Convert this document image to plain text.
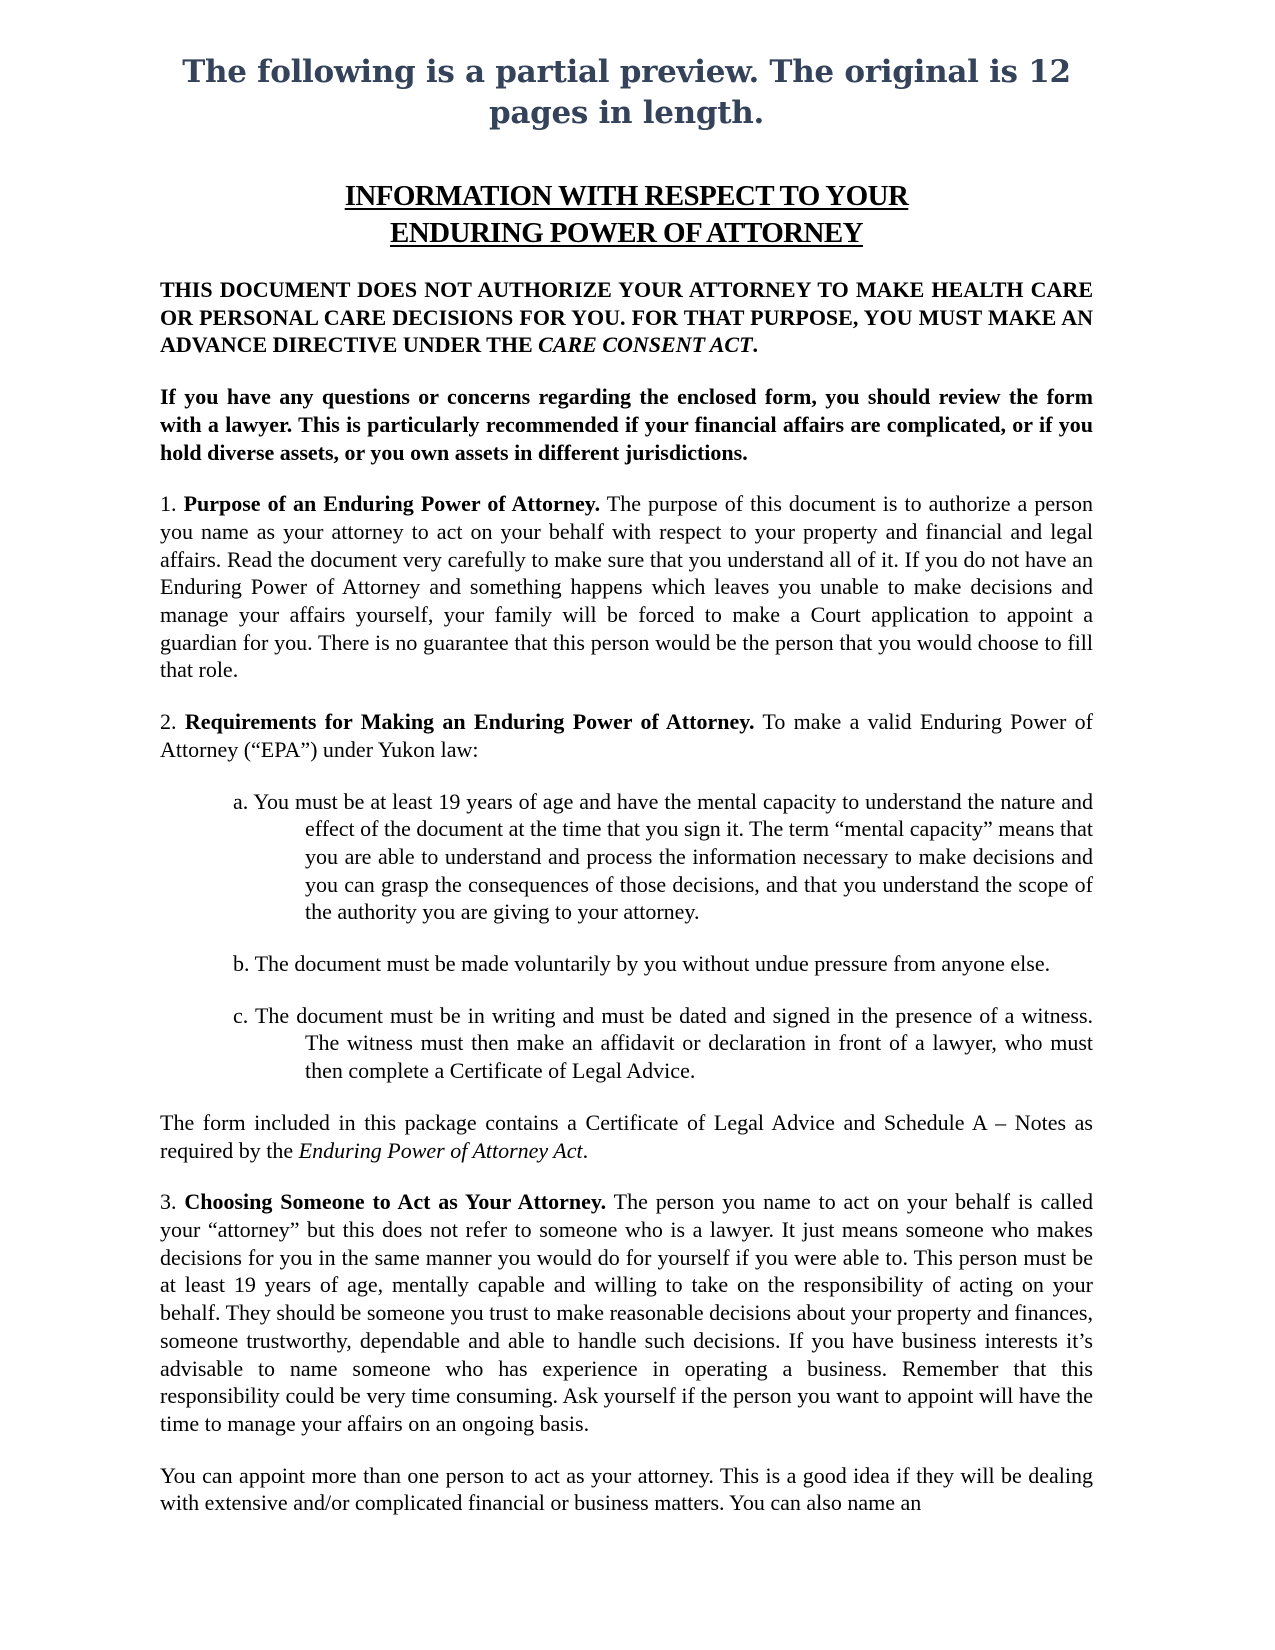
The following is a partial preview. The original is 12 pages in length.
INFORMATION WITH RESPECT TO YOUR
ENDURING POWER OF ATTORNEY

THIS DOCUMENT DOES NOT AUTHORIZE YOUR ATTORNEY TO MAKE HEALTH CARE OR PERSONAL CARE DECISIONS FOR YOU. FOR THAT PURPOSE, YOU MUST MAKE AN ADVANCE DIRECTIVE UNDER THE CARE CONSENT ACT.

If you have any questions or concerns regarding the enclosed form, you should review the form with a lawyer. This is particularly recommended if your financial affairs are complicated, or if you hold diverse assets, or you own assets in different jurisdictions.

1. Purpose of an Enduring Power of Attorney. The purpose of this document is to authorize a person you name as your attorney to act on your behalf with respect to your property and financial and legal affairs. Read the document very carefully to make sure that you understand all of it. If you do not have an Enduring Power of Attorney and something happens which leaves you unable to make decisions and manage your affairs yourself, your family will be forced to make a Court application to appoint a guardian for you. There is no guarantee that this person would be the person that you would choose to fill that role.

2. Requirements for Making an Enduring Power of Attorney. To make a valid Enduring Power of Attorney (“EPA”) under Yukon law:

a. You must be at least 19 years of age and have the mental capacity to understand the nature and effect of the document at the time that you sign it. The term “mental capacity” means that you are able to understand and process the information necessary to make decisions and you can grasp the consequences of those decisions, and that you understand the scope of the authority you are giving to your attorney.
b. The document must be made voluntarily by you without undue pressure from anyone else.
c. The document must be in writing and must be dated and signed in the presence of a witness. The witness must then make an affidavit or declaration in front of a lawyer, who must then complete a Certificate of Legal Advice.

The form included in this package contains a Certificate of Legal Advice and Schedule A – Notes as required by the Enduring Power of Attorney Act.

3. Choosing Someone to Act as Your Attorney. The person you name to act on your behalf is called your “attorney” but this does not refer to someone who is a lawyer. It just means someone who makes decisions for you in the same manner you would do for yourself if you were able to. This person must be at least 19 years of age, mentally capable and willing to take on the responsibility of acting on your behalf. They should be someone you trust to make reasonable decisions about your property and finances, someone trustworthy, dependable and able to handle such decisions. If you have business interests it’s advisable to name someone who has experience in operating a business. Remember that this responsibility could be very time consuming. Ask yourself if the person you want to appoint will have the time to manage your affairs on an ongoing basis.

You can appoint more than one person to act as your attorney. This is a good idea if they will be dealing with extensive and/or complicated financial or business matters. You can also name an
